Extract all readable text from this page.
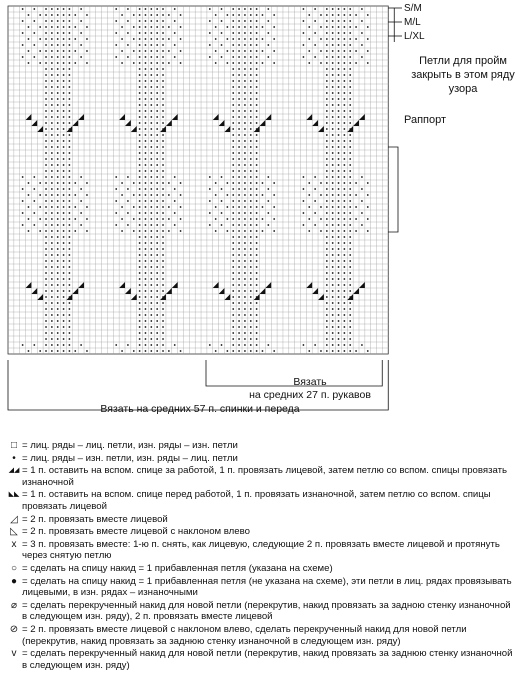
S/M
M/L
L/XL
Петли для пройм закрыть в этом ряду узора
Раппорт
Вязать
на средних 27 п. рукавов
Вязать на средних 57 п. спинки и переда
□ = лиц. ряды – лиц. петли, изн. ряды – изн. петли
• = лиц. ряды – изн. петли, изн. ряды – лиц. петли
◢◢ = 1 п. оставить на вспом. спице за работой, 1 п. провязать лицевой, затем петлю со вспом. спицы провязать изнаночной
◣◣ = 1 п. оставить на вспом. спице перед работой, 1 п. провязать изнаночной, затем петлю со вспом. спицы провязать лицевой
◿ = 2 п. провязать вместе лицевой
◺ = 2 п. провязать вместе лицевой с наклоном влево
x = 3 п. провязать вместе: 1-ю п. снять, как лицевую, следующие 2 п. провязать вместе лицевой и протянуть через снятую петлю
○ = сделать на спицу накид = 1 прибавленная петля (указана на схеме)
● = сделать на спицу накид = 1 прибавленная петля (не указана на схеме), эти петли в лиц. рядах провязывать лицевыми, в изн. рядах – изнаночными
⌀ = сделать перекрученный накид для новой петли (перекрутив, накид провязать за задною стенку изнаночной в следующем изн. ряду), 2 п. провязать вместе лицевой
⊘ = 2 п. провязать вместе лицевой с наклоном влево, сделать перекрученный накид для новой петли (перекрутив, накид провязать за заднюю стенку изнаночной в следующем изн. ряду)
v = сделать перекрученный накид для новой петли (перекрутив, накид провязать за заднюю стенку изнаночной в следующем изн. ряду)
